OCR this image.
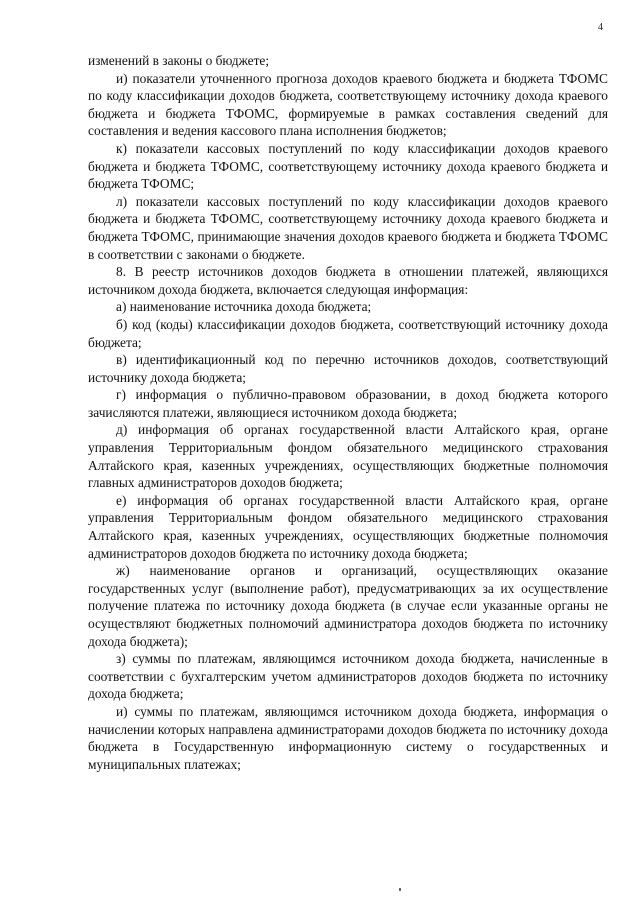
4

изменений в законы о бюджете;

и) показатели уточненного прогноза доходов краевого бюджета и бюджета ТФОМС по коду классификации доходов бюджета, соответствующему источнику дохода краевого бюджета и бюджета ТФОМС, формируемые в рамках составления сведений для составления и ведения кассового плана исполнения бюджетов;

к) показатели кассовых поступлений по коду классификации доходов краевого бюджета и бюджета ТФОМС, соответствующему источнику дохода краевого бюджета и бюджета ТФОМС;

л) показатели кассовых поступлений по коду классификации доходов краевого бюджета и бюджета ТФОМС, соответствующему источнику дохода краевого бюджета и бюджета ТФОМС, принимающие значения доходов краевого бюджета и бюджета ТФОМС в соответствии с законами о бюджете.

8. В реестр источников доходов бюджета в отношении платежей, являющихся источником дохода бюджета, включается следующая информация:

а) наименование источника дохода бюджета;

б) код (коды) классификации доходов бюджета, соответствующий источнику дохода бюджета;

в) идентификационный код по перечню источников доходов, соответствующий источнику дохода бюджета;

г) информация о публично-правовом образовании, в доход бюджета которого зачисляются платежи, являющиеся источником дохода бюджета;

д) информация об органах государственной власти Алтайского края, органе управления Территориальным фондом обязательного медицинского страхования Алтайского края, казенных учреждениях, осуществляющих бюджетные полномочия главных администраторов доходов бюджета;

е) информация об органах государственной власти Алтайского края, органе управления Территориальным фондом обязательного медицинского страхования Алтайского края, казенных учреждениях, осуществляющих бюджетные полномочия администраторов доходов бюджета по источнику дохода бюджета;

ж) наименование органов и организаций, осуществляющих оказание государственных услуг (выполнение работ), предусматривающих за их осуществление получение платежа по источнику дохода бюджета (в случае если указанные органы не осуществляют бюджетных полномочий администратора доходов бюджета по источнику дохода бюджета);

з) суммы по платежам, являющимся источником дохода бюджета, начисленные в соответствии с бухгалтерским учетом администраторов доходов бюджета по источнику дохода бюджета;

и) суммы по платежам, являющимся источником дохода бюджета, информация о начислении которых направлена администраторами доходов бюджета по источнику дохода бюджета в Государственную информационную систему о государственных и муниципальных платежах;
